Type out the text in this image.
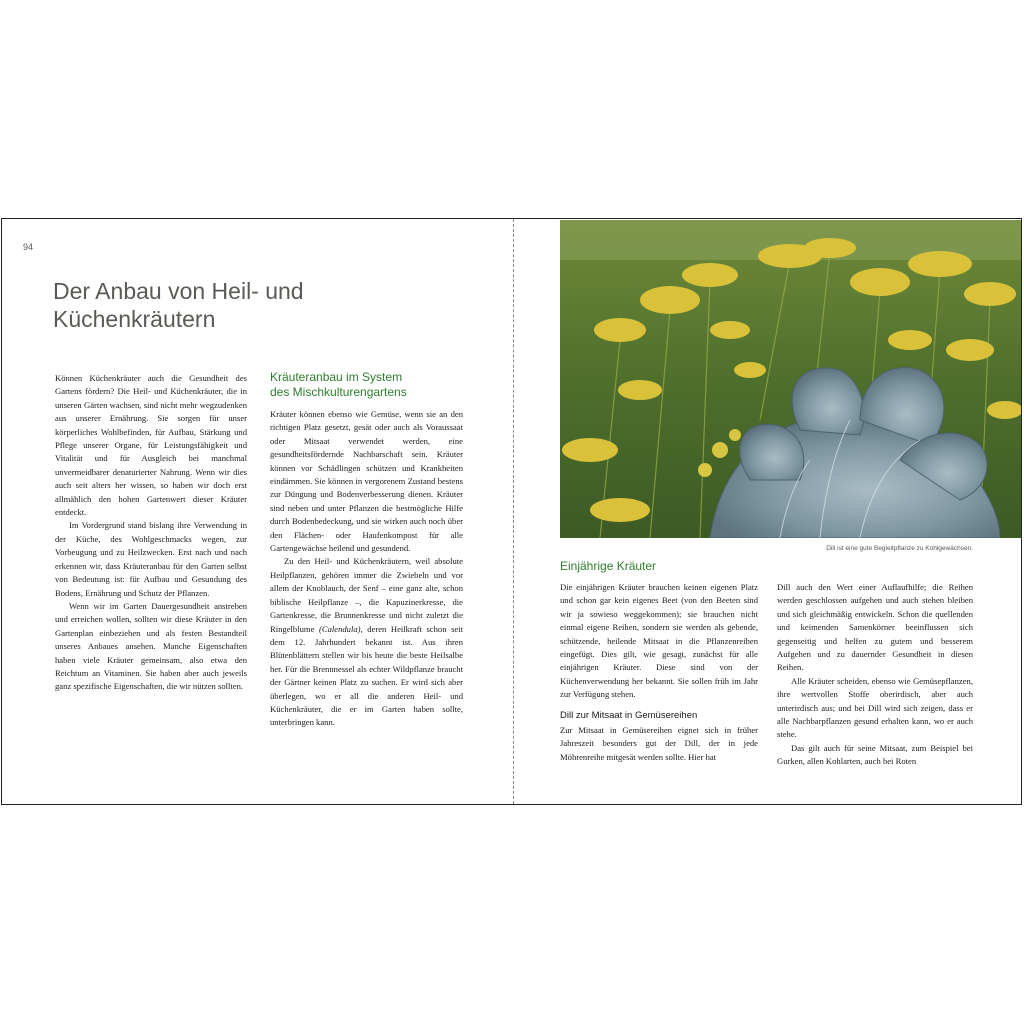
94
Der Anbau von Heil- und
Küchenkräutern

Können Küchenkräuter auch die Gesundheit des Gartens fördern? Die Heil- und Küchenkräuter, die in unseren Gärten wachsen, sind nicht mehr wegzudenken aus unserer Ernährung. Sie sorgen für unser körperliches Wohlbefinden, für Aufbau, Stärkung und Pflege unserer Organe, für Leistungsfähigkeit und Vitalität und für Ausgleich bei manchmal unvermeidbarer denaturierter Nahrung. Wenn wir dies auch seit alters her wissen, so haben wir doch erst allmählich den hohen Gartenwert dieser Kräuter entdeckt.

Im Vordergrund stand bislang ihre Verwendung in der Küche, des Wohlgeschmacks wegen, zur Vorbeugung und zu Heilzwecken. Erst nach und nach erkennen wir, dass Kräuteranbau für den Garten selbst von Bedeutung ist: für Aufbau und Gesundung des Bodens, Ernährung und Schutz der Pflanzen.

Wenn wir im Garten Dauergesundheit anstreben und erreichen wollen, sollten wir diese Kräuter in den Gartenplan einbeziehen und als festen Bestandteil unseres Anbaues ansehen. Manche Eigenschaften haben viele Kräuter gemeinsam, also etwa den Reichtum an Vitaminen. Sie haben aber auch jeweils ganz spezifische Eigenschaften, die wir nützen sollten.

Kräuteranbau im System
des Mischkulturengartens

Kräuter können ebenso wie Gemüse, wenn sie an den richtigen Platz gesetzt, gesät oder auch als Voraussaat oder Mitsaat verwendet werden, eine gesundheitsfördernde Nachbarschaft sein. Kräuter können vor Schädlingen schützen und Krankheiten eindämmen. Sie können in vergorenem Zustand bestens zur Düngung und Bodenverbesserung dienen. Kräuter sind neben und unter Pflanzen die bestmögliche Hilfe durch Bodenbedeckung, und sie wirken auch noch über den Flächen- oder Haufenkompost für alle Gartengewächse heilend und gesundend.

Zu den Heil- und Küchenkräutern, weil absolute Heilpflanzen, gehören immer die Zwiebeln und vor allem der Knoblauch, der Senf – eine ganz alte, schon biblische Heilpflanze –, die Kapuzinerkresse, die Gartenkresse, die Brunnenkresse und nicht zuletzt die Ringelblume (Calendula), deren Heilkraft schon seit dem 12. Jahrhundert bekannt ist. Aus ihren Blütenblättern stellen wir bis heute die beste Heilsalbe her. Für die Brennnessel als echter Wildpflanze braucht der Gärtner keinen Platz zu suchen. Er wird sich aber überlegen, wo er all die anderen Heil- und Küchenkräuter, die er im Garten haben sollte, unterbringen kann.

Dill ist eine gute Begleitpflanze zu Kohlgewächsen.
Einjährige Kräuter

Die einjährigen Kräuter brauchen keinen eigenen Platz und schon gar kein eigenes Beet (von den Beeten sind wir ja sowieso weggekommen); sie brauchen nicht einmal eigene Reihen, sondern sie werden als gebende, schützende, heilende Mitsaat in die Pflanzenreihen eingefügt. Dies gilt, wie gesagt, zunächst für alle einjährigen Kräuter. Diese sind von der Küchenverwendung her bekannt. Sie sollen früh im Jahr zur Verfügung stehen.

Dill zur Mitsaat in Gemüsereihen

Zur Mitsaat in Gemüsereihen eignet sich in früher Jahreszeit besonders gut der Dill, der in jede Möhrenreihe mitgesät werden sollte. Hier hat

Dill auch den Wert einer Auflaufhilfe; die Reihen werden geschlossen aufgehen und auch stehen bleiben und sich gleichmäßig entwickeln. Schon die quellenden und keimenden Samenkörner beeinflussen sich gegenseitig und helfen zu gutem und besserem Aufgehen und zu dauernder Gesundheit in diesen Reihen.

Alle Kräuter scheiden, ebenso wie Gemüsepflanzen, ihre wertvollen Stoffe oberirdisch, aber auch unterirdisch aus; und bei Dill wird sich zeigen, dass er alle Nachbarpflanzen gesund erhalten kann, wo er auch stehe.

Das gilt auch für seine Mitsaat, zum Beispiel bei Gurken, allen Kohlarten, auch bei Roten
